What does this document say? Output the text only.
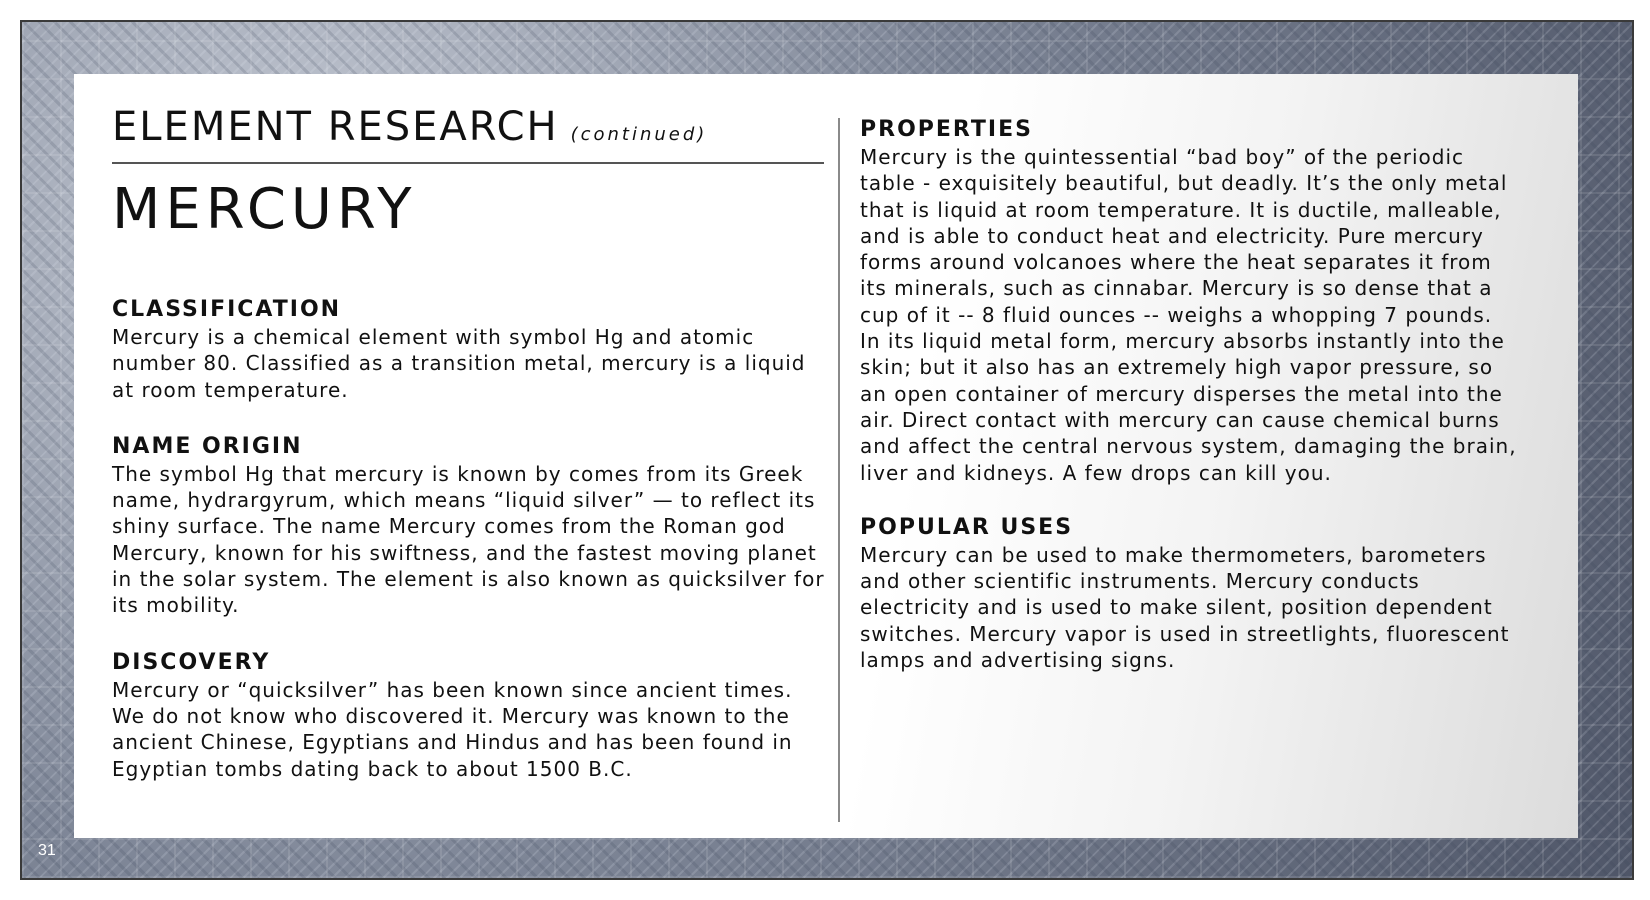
ELEMENT RESEARCH (continued)
MERCURY
CLASSIFICATION

Mercury is a chemical element with symbol Hg and atomic number 80. Classified as a transition metal, mercury is a liquid at room temperature.

NAME ORIGIN

The symbol Hg that mercury is known by comes from its Greek name, hydrargyrum, which means “liquid silver” — to reflect its shiny surface. The name Mercury comes from the Roman god Mercury, known for his swiftness, and the fastest moving planet in the solar system. The element is also known as quicksilver for its mobility.

DISCOVERY

Mercury or “quicksilver” has been known since ancient times. We do not know who discovered it. Mercury was known to the ancient Chinese, Egyptians and Hindus and has been found in Egyptian tombs dating back to about 1500 B.C.

PROPERTIES

Mercury is the quintessential “bad boy” of the periodic table - exquisitely beautiful, but deadly. It’s the only metal that is liquid at room temperature. It is ductile, malleable, and is able to conduct heat and electricity. Pure mercury forms around volcanoes where the heat separates it from its minerals, such as cinnabar. Mercury is so dense that a cup of it -- 8 fluid ounces -- weighs a whopping 7 pounds. In its liquid metal form, mercury absorbs instantly into the skin; but it also has an extremely high vapor pressure, so an open container of mercury disperses the metal into the air. Direct contact with mercury can cause chemical burns and affect the central nervous system, damaging the brain, liver and kidneys. A few drops can kill you.

POPULAR USES

Mercury can be used to make thermometers, barometers and other scientific instruments. Mercury conducts electricity and is used to make silent, position dependent switches. Mercury vapor is used in streetlights, fluorescent lamps and advertising signs.

31
